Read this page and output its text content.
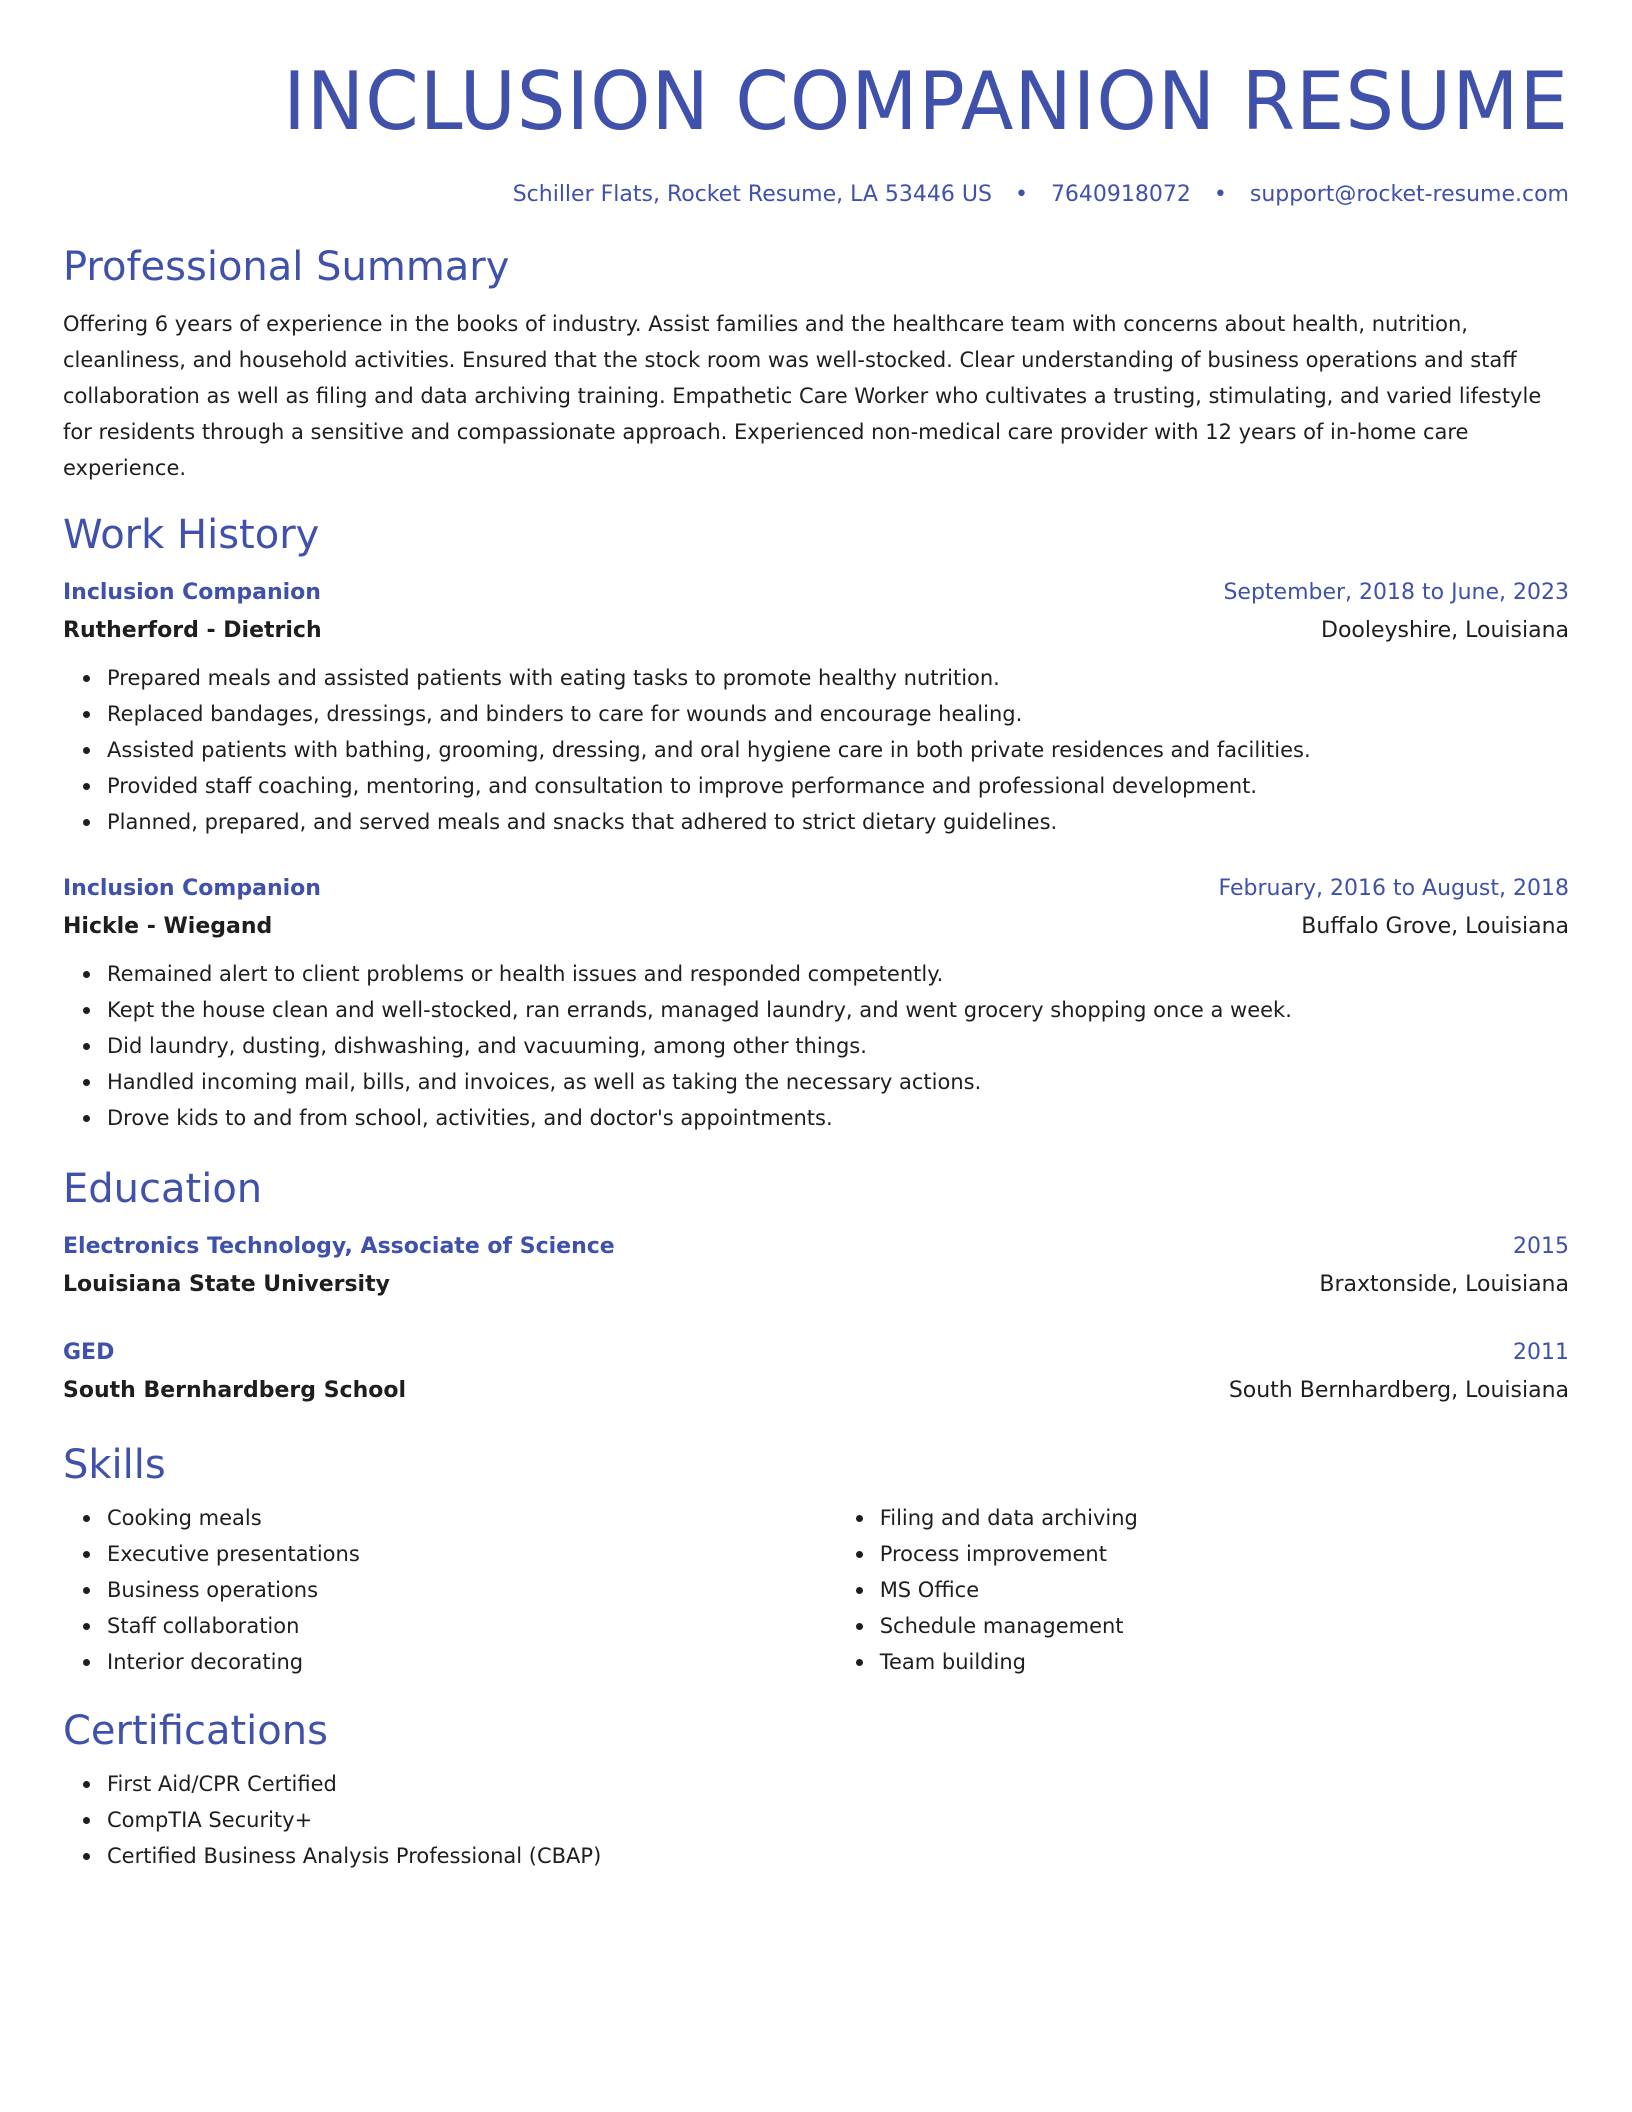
INCLUSION COMPANION RESUME
Schiller Flats, Rocket Resume, LA 53446 US • 7640918072 • support@rocket-resume.com
Professional Summary
Offering 6 years of experience in the books of industry. Assist families and the healthcare team with concerns about health, nutrition, cleanliness, and household activities. Ensured that the stock room was well-stocked. Clear understanding of business operations and staff collaboration as well as filing and data archiving training. Empathetic Care Worker who cultivates a trusting, stimulating, and varied lifestyle for residents through a sensitive and compassionate approach. Experienced non-medical care provider with 12 years of in-home care experience.
Work History
Inclusion Companion	September, 2018 to June, 2023
Rutherford - Dietrich	Dooleyshire, Louisiana
Prepared meals and assisted patients with eating tasks to promote healthy nutrition.
Replaced bandages, dressings, and binders to care for wounds and encourage healing.
Assisted patients with bathing, grooming, dressing, and oral hygiene care in both private residences and facilities.
Provided staff coaching, mentoring, and consultation to improve performance and professional development.
Planned, prepared, and served meals and snacks that adhered to strict dietary guidelines.
Inclusion Companion	February, 2016 to August, 2018
Hickle - Wiegand	Buffalo Grove, Louisiana
Remained alert to client problems or health issues and responded competently.
Kept the house clean and well-stocked, ran errands, managed laundry, and went grocery shopping once a week.
Did laundry, dusting, dishwashing, and vacuuming, among other things.
Handled incoming mail, bills, and invoices, as well as taking the necessary actions.
Drove kids to and from school, activities, and doctor's appointments.
Education
Electronics Technology, Associate of Science	2015
Louisiana State University	Braxtonside, Louisiana
GED	2011
South Bernhardberg School	South Bernhardberg, Louisiana
Skills
Cooking meals
Executive presentations
Business operations
Staff collaboration
Interior decorating
Filing and data archiving
Process improvement
MS Office
Schedule management
Team building
Certifications
First Aid/CPR Certified
CompTIA Security+
Certified Business Analysis Professional (CBAP)
